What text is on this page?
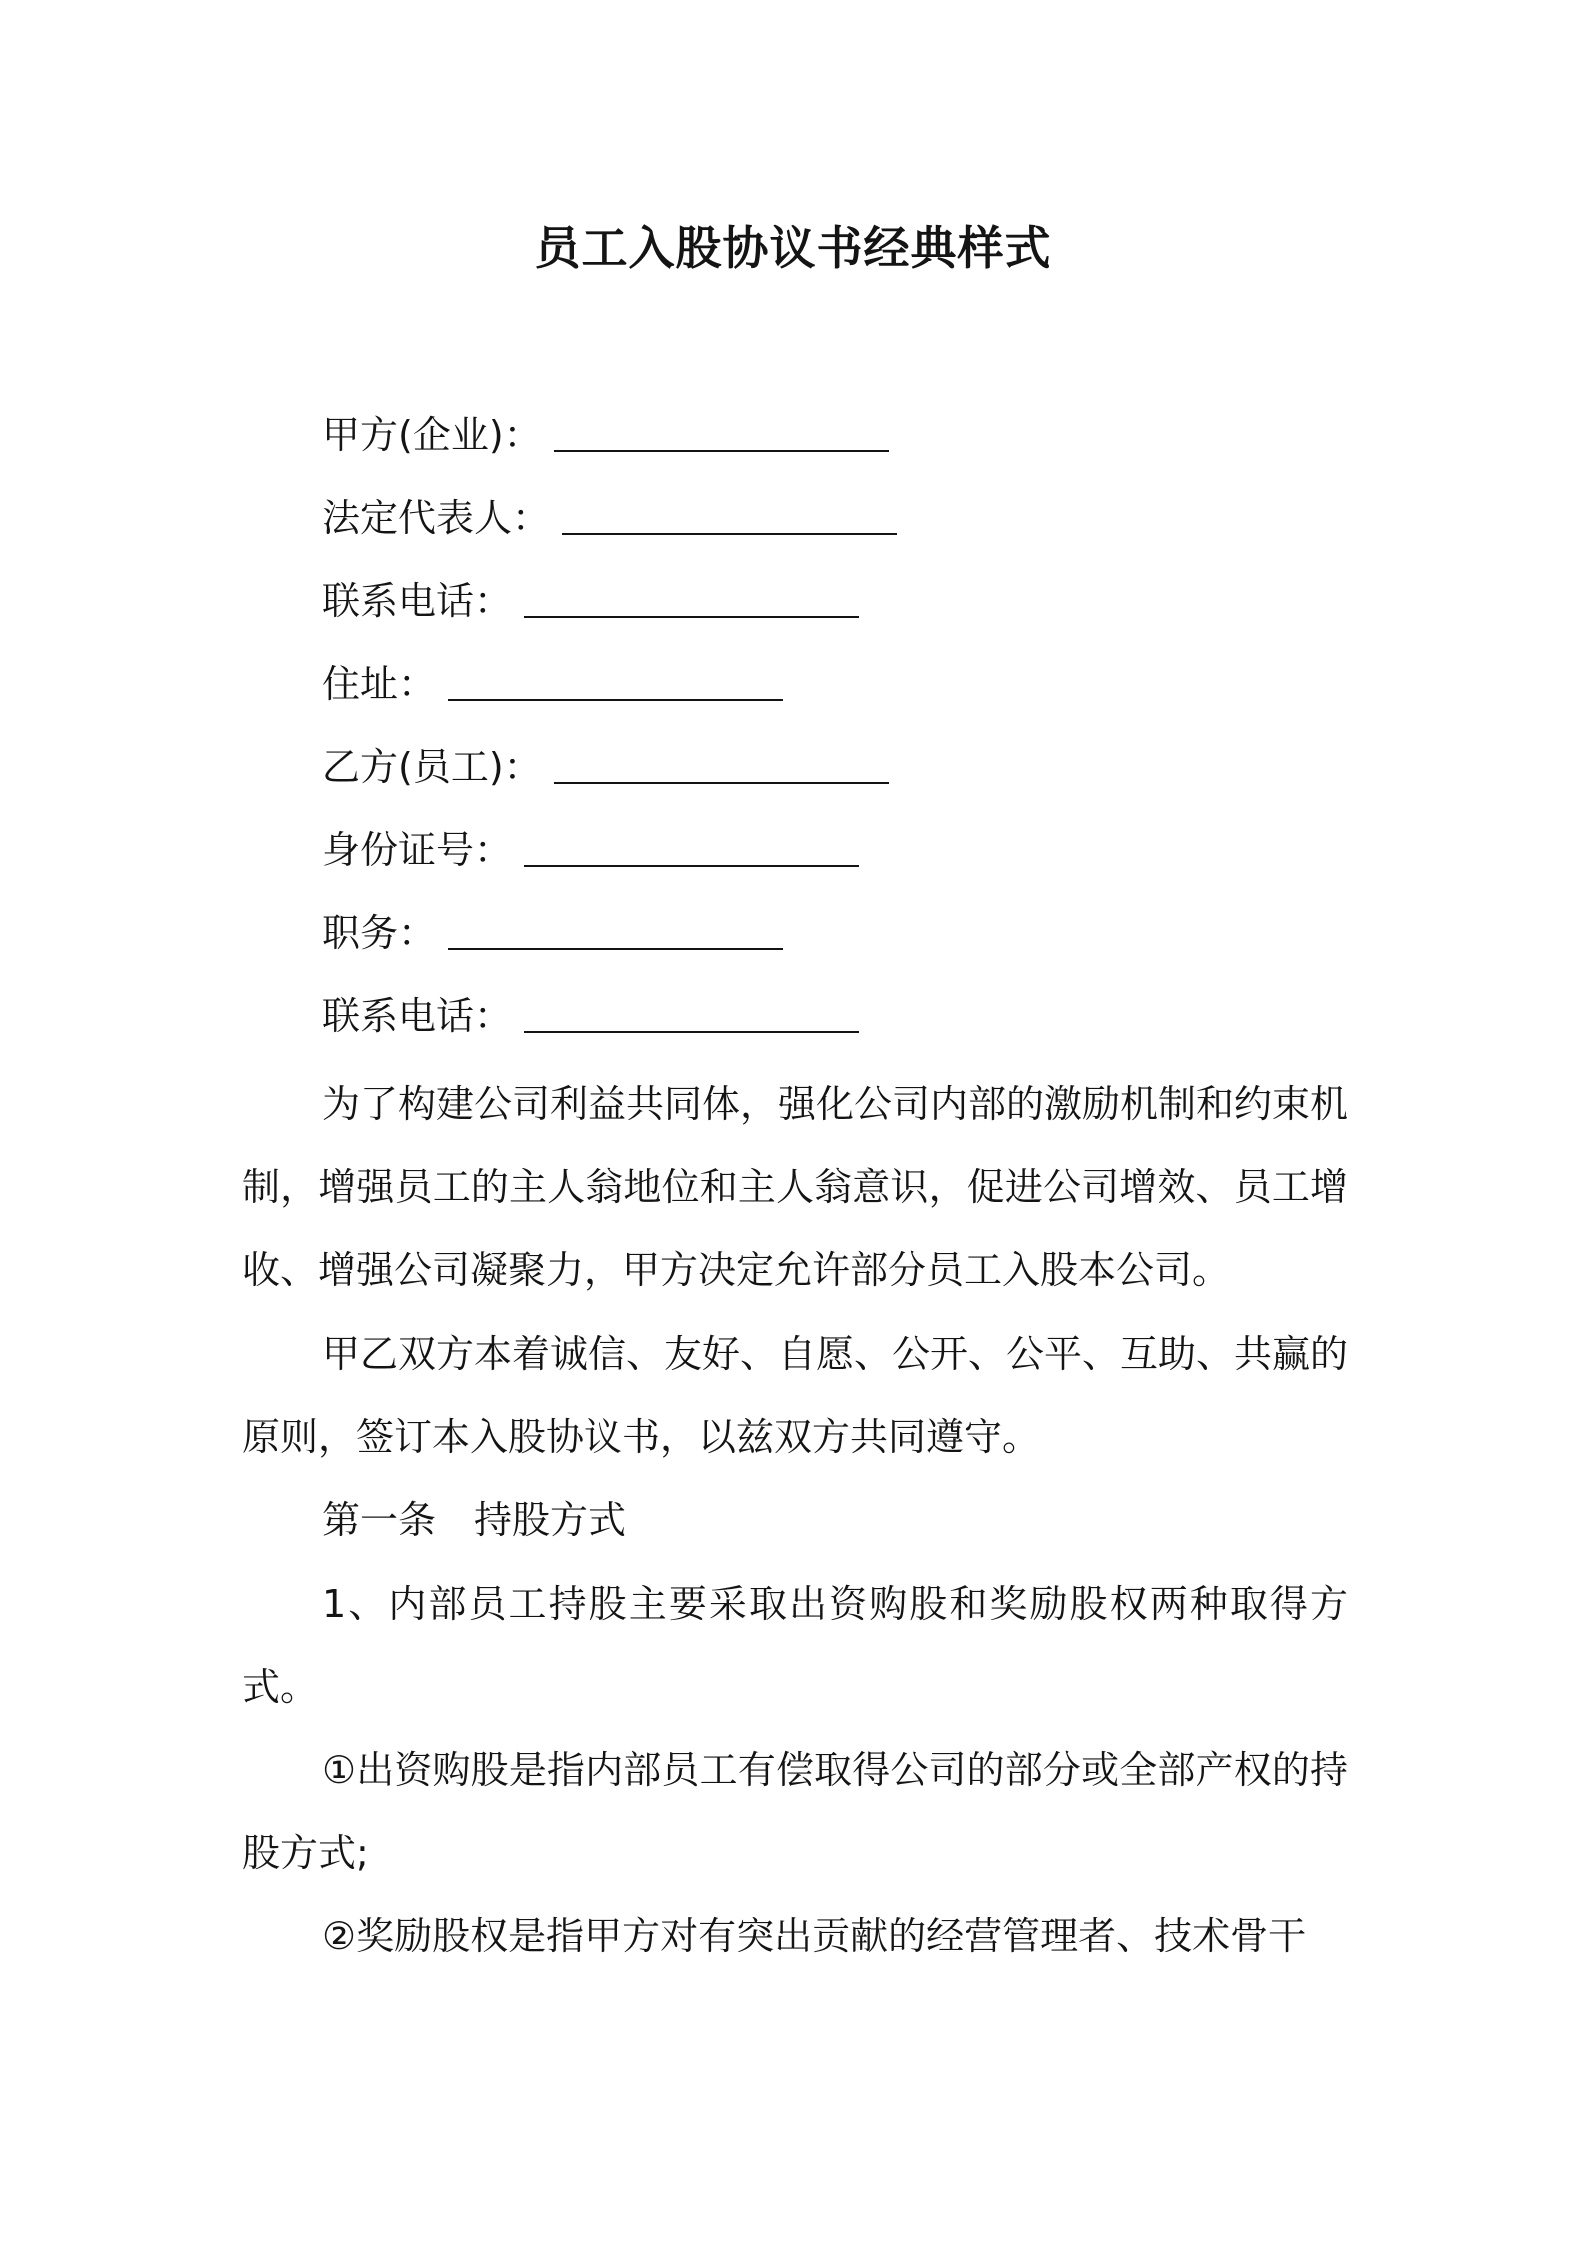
员工入股协议书经典样式
甲方(企业)：
法定代表人：
联系电话：
住址：
乙方(员工)：
身份证号：
职务：
联系电话：
为了构建公司利益共同体，强化公司内部的激励机制和约束机制，增强员工的主人翁地位和主人翁意识，促进公司增效、员工增收、增强公司凝聚力，甲方决定允许部分员工入股本公司。
甲乙双方本着诚信、友好、自愿、公开、公平、互助、共赢的原则，签订本入股协议书，以兹双方共同遵守。
第一条　持股方式
1、内部员工持股主要采取出资购股和奖励股权两种取得方式。
①出资购股是指内部员工有偿取得公司的部分或全部产权的持股方式;
②奖励股权是指甲方对有突出贡献的经营管理者、技术骨干
